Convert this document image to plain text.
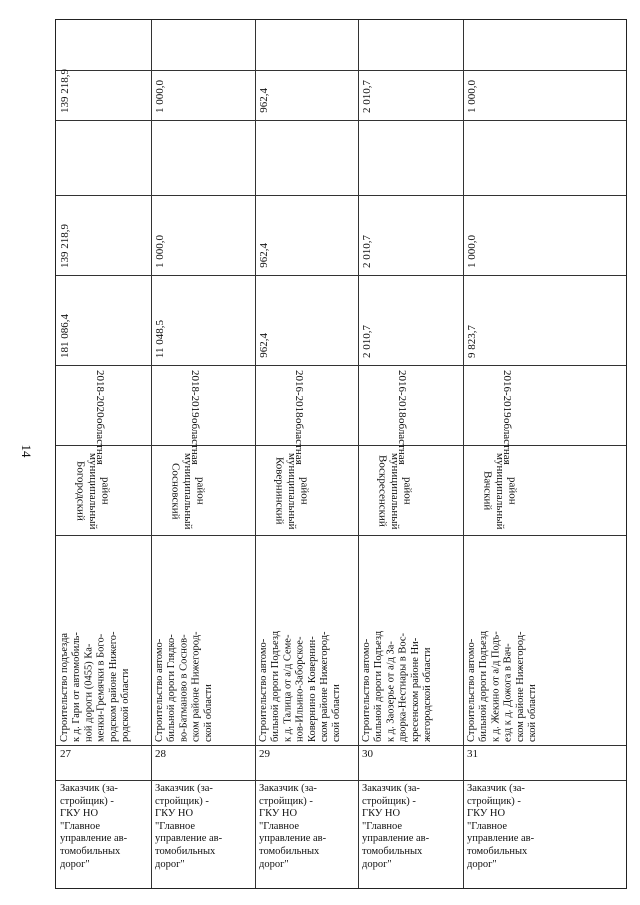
14
Заказчик (за-
стройщик) -
ГКУ НО
"Главное
управление ав-
томобильных
дорог"
27
Строительство подъезда к д. Гари от автомобиль- ной дороги (0455) Ка- менки-Гремячки в Бого- родском районе Нижего- родской области
район
муниципальный
Богородский
областная
2018-2020
181 086,4
139 218,9
139 218,9
Заказчик (за-
стройщик) -
ГКУ НО
"Главное
управление ав-
томобильных
дорог"
28
Строительство автомо- бильной дороги Глядко- во-Батманово в Соснов- ском районе Нижегород- ской области
район
муниципальный
Сосновский
областная
2018-2019
11 048,5
1 000,0
1 000,0
Заказчик (за-
стройщик) -
ГКУ НО
"Главное
управление ав-
томобильных
дорог"
29
Строительство автомо- бильной дороги Подъезд к д. Талица от а/д Семе- нов-Ильино-Заборское- Ковернино в Ковернин- ском районе Нижегород- ской области
район
муниципальный
Ковернинский
областная
2016-2018
962,4
962,4
962,4
Заказчик (за-
стройщик) -
ГКУ НО
"Главное
управление ав-
томобильных
дорог"
30
Строительство автомо- бильной дороги Подъезд к д. Заозерье от а/д За- дворка-Нестиары в Вос- кресенском районе Ни- жегородской области
район
муниципальный
Воскресенский
областная
2016-2018
2 010,7
2 010,7
2 010,7
Заказчик (за-
стройщик) -
ГКУ НО
"Главное
управление ав-
томобильных
дорог"
31
Строительство автомо- бильной дороги Подъезд к д. Жекино от а/д Подъ- езд к д. Дожога в Вач- ском районе Нижегород- ской области
район
муниципальный
Вачский
областная
2016-2019
9 823,7
1 000,0
1 000,0
